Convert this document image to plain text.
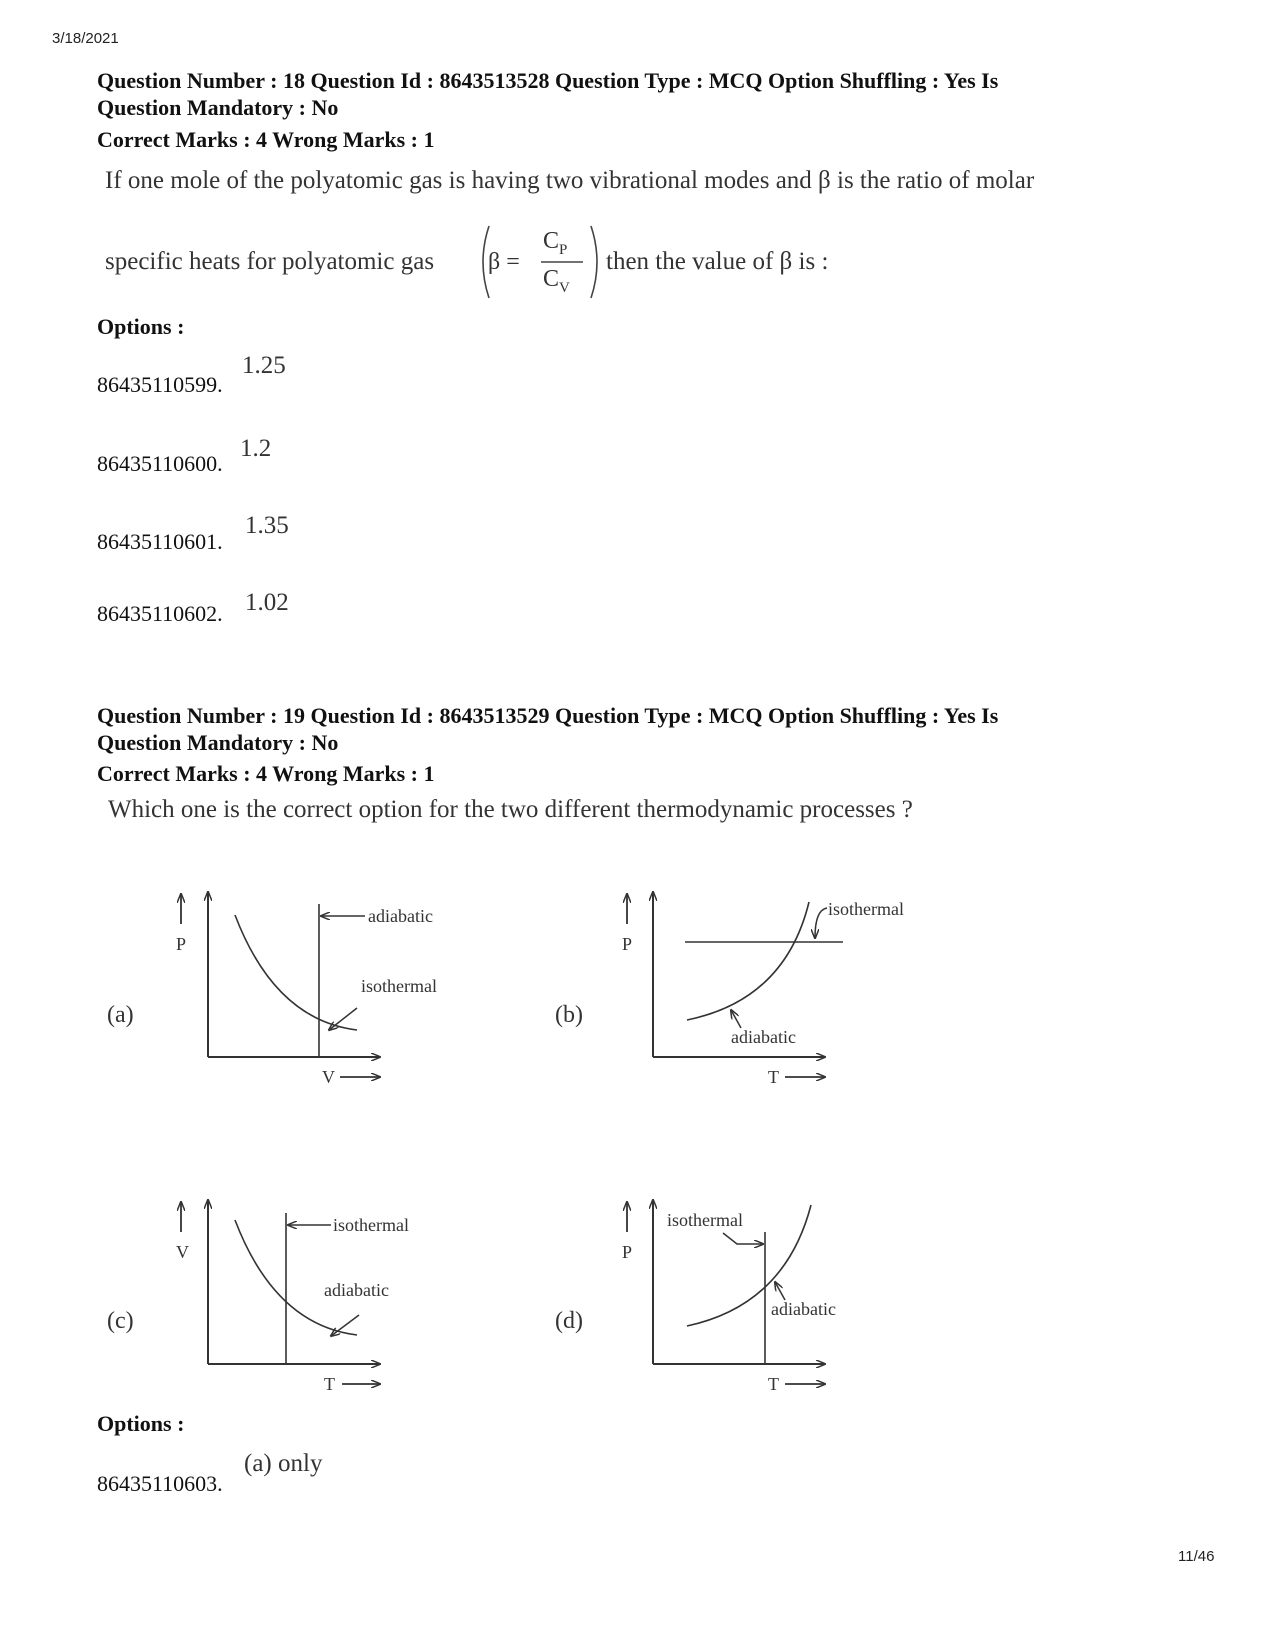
3/18/2021
Question Number : 18 Question Id : 8643513528 Question Type : MCQ Option Shuffling : Yes Is
Question Mandatory : No
Correct Marks : 4 Wrong Marks : 1
If one mole of the polyatomic gas is having two vibrational modes and β is the ratio of molar
specific heats for polyatomic gas β =
$C_P$
$C_V$
then the value of β is :
Options :
86435110599.
1.25
86435110600.
1.2
86435110601.
1.35
86435110602. 1.02
Question Number : 19 Question Id : 8643513529 Question Type : MCQ Option Shuffling : Yes Is
Question Mandatory : No
Correct Marks : 4 Wrong Marks : 1
Which one is the correct option for the two different thermodynamic processes ?
(a)
P
V
adiabatic
isothermal
(b)
P
T
isothermal
adiabatic
(c)
V
T
isothermal
adiabatic
(d)
P
T
isothermal
adiabatic
Options :
86435110603.
(a) only
11/46
